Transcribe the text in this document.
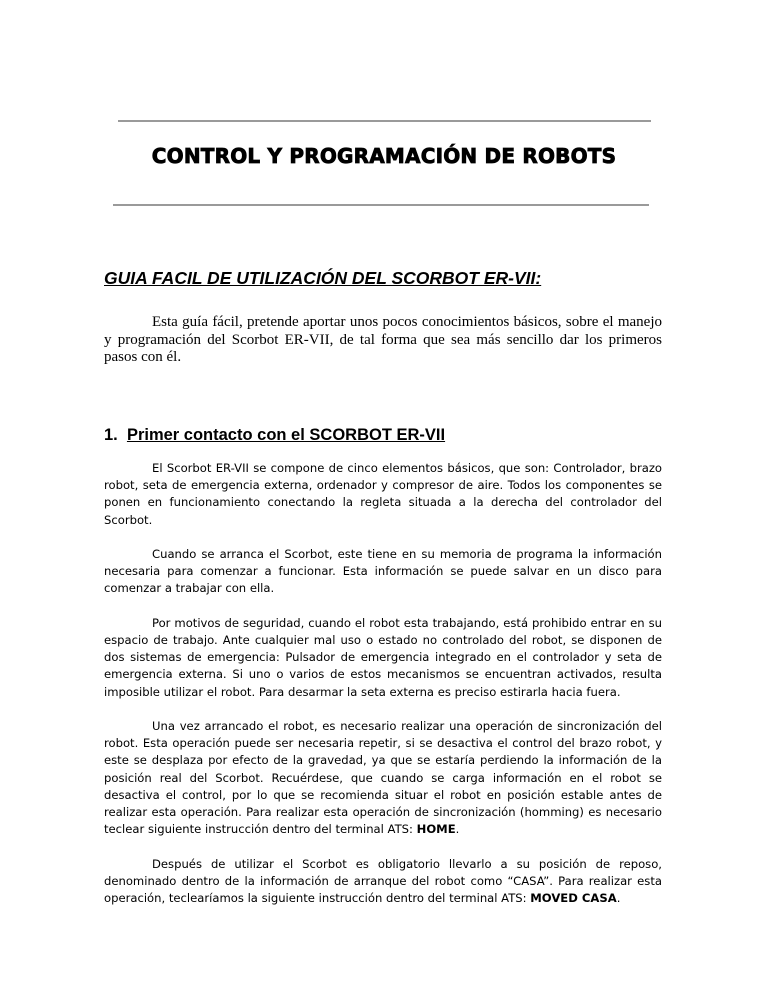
CONTROL Y PROGRAMACIÓN DE ROBOTS
GUIA FACIL DE UTILIZACIÓN DEL SCORBOT ER-VII:

Esta guía fácil, pretende aportar unos pocos conocimientos básicos, sobre el manejo y programación del Scorbot ER-VII, de tal forma que sea más sencillo dar los primeros pasos con él.

1. Primer contacto con el SCORBOT ER-VII

El Scorbot ER-VII se compone de cinco elementos básicos, que son: Controlador, brazo robot, seta de emergencia externa, ordenador y compresor de aire. Todos los componentes se ponen en funcionamiento conectando la regleta situada a la derecha del controlador del Scorbot.

Cuando se arranca el Scorbot, este tiene en su memoria de programa la información necesaria para comenzar a funcionar. Esta información se puede salvar en un disco para comenzar a trabajar con ella.

Por motivos de seguridad, cuando el robot esta trabajando, está prohibido entrar en su espacio de trabajo. Ante cualquier mal uso o estado no controlado del robot, se disponen de dos sistemas de emergencia: Pulsador de emergencia integrado en el controlador y seta de emergencia externa. Si uno o varios de estos mecanismos se encuentran activados, resulta imposible utilizar el robot. Para desarmar la seta externa es preciso estirarla hacia fuera.

Una vez arrancado el robot, es necesario realizar una operación de sincronización del robot. Esta operación puede ser necesaria repetir, si se desactiva el control del brazo robot, y este se desplaza por efecto de la gravedad, ya que se estaría perdiendo la información de la posición real del Scorbot. Recuérdese, que cuando se carga información en el robot se desactiva el control, por lo que se recomienda situar el robot en posición estable antes de realizar esta operación. Para realizar esta operación de sincronización (homming) es necesario teclear siguiente instrucción dentro del terminal ATS: HOME.

Después de utilizar el Scorbot es obligatorio llevarlo a su posición de reposo, denominado dentro de la información de arranque del robot como “CASA”. Para realizar esta operación, teclearíamos la siguiente instrucción dentro del terminal ATS: MOVED CASA.
